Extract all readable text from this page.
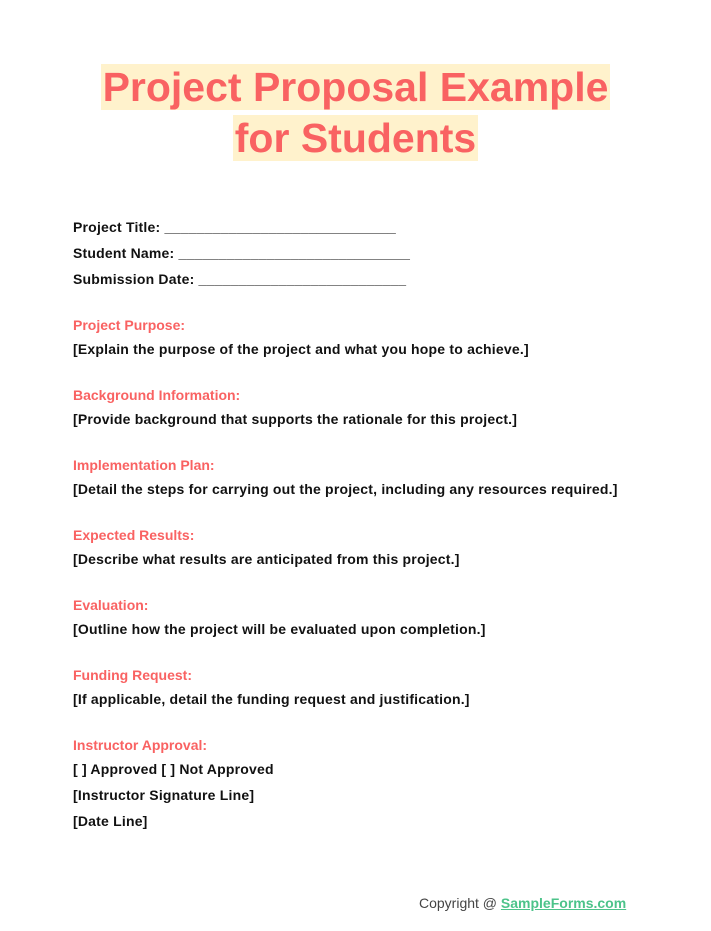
Project Proposal Example
for Students
Project Title: _____________________________
Student Name: _____________________________
Submission Date: __________________________
Project Purpose:
[Explain the purpose of the project and what you hope to achieve.]
Background Information:
[Provide background that supports the rationale for this project.]
Implementation Plan:
[Detail the steps for carrying out the project, including any resources required.]
Expected Results:
[Describe what results are anticipated from this project.]
Evaluation:
[Outline how the project will be evaluated upon completion.]
Funding Request:
[If applicable, detail the funding request and justification.]
Instructor Approval:
[ ] Approved [ ] Not Approved
[Instructor Signature Line]
[Date Line]
Copyright @ SampleForms.com
